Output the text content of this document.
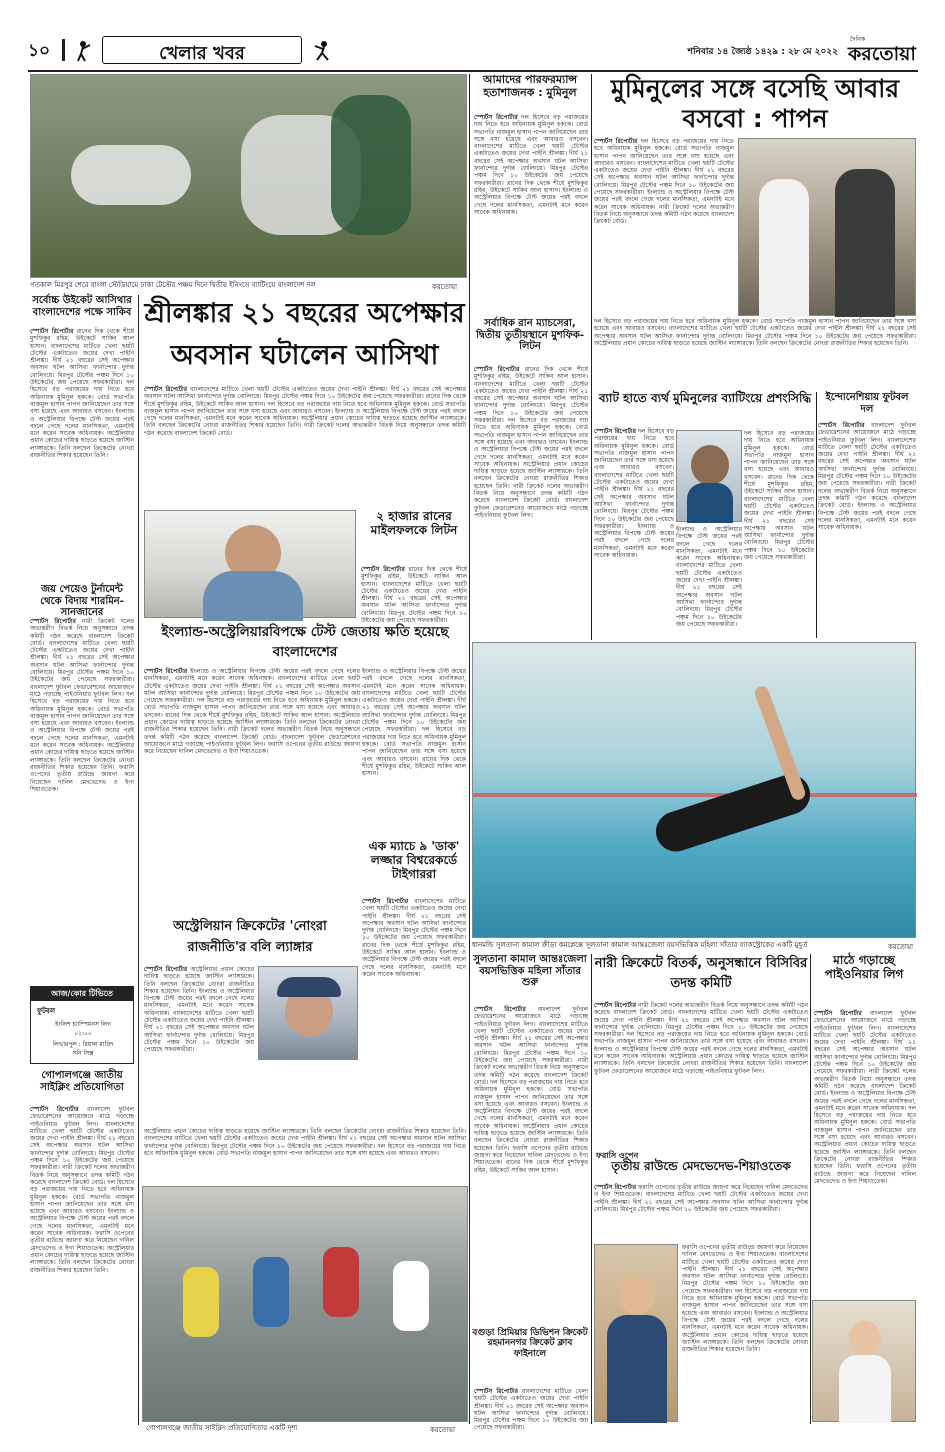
১০	খেলার খবর	শনিবার ১৪ জ্যৈষ্ঠ ১৪২৯ : ২৮ মে ২০২২
দৈনিক
করতোয়া
গতকাল মিরপুর শেরে বাংলা স্টেডিয়ামে ঢাকা টেস্টের পঞ্চম দিনে দ্বিতীয় ইনিংসে ব্যাটিংয়ে বাংলাদেশ দল	করতোয়া
আমাদের পারফরম্যান্স হতাশাজনক : মুমিনুল
স্পোর্টস রিপোর্টার দল হিসেবে বড় পরাজয়ের দায় নিতে হবে অধিনায়ক মুমিনুল হককে। বোর্ড সভাপতি নাজমুল হাসান পাপন জানিয়েছেন তার সঙ্গে বসা হয়েছে এবং আবারও বসবেন। বাংলাদেশের মাটিতে খেলা ছয়টি টেস্টের একটাতেও জয়ের দেখা পাইনি শ্রীলঙ্কা। দীর্ঘ ২১ বছরের সেই অপেক্ষার অবসান ঘটল আসিথা ফার্নান্দোর দুর্দান্ত বোলিংয়ে। মিরপুর টেস্টের পঞ্চম দিনে ১০ উইকেটের জয় পেয়েছে সফরকারীরা। রানের দিক থেকে শীর্ষে মুশফিকুর রহিম, উইকেটে সাকিব আল হাসান। ইংল্যান্ড ও অস্ট্রেলিয়ার বিপক্ষে টেস্ট জয়ের পরই বদলে গেছে দলের মানসিকতা, এমনটাই মনে করেন সাবেক অধিনায়ক।
মুমিনুলের সঙ্গে বসেছি আবার বসবো : পাপন
স্পোর্টস রিপোর্টার দল হিসেবে বড় পরাজয়ের দায় নিতে হবে অধিনায়ক মুমিনুল হককে। বোর্ড সভাপতি নাজমুল হাসান পাপন জানিয়েছেন তার সঙ্গে বসা হয়েছে এবং আবারও বসবেন। বাংলাদেশের মাটিতে খেলা ছয়টি টেস্টের একটাতেও জয়ের দেখা পাইনি শ্রীলঙ্কা। দীর্ঘ ২১ বছরের সেই অপেক্ষার অবসান ঘটল আসিথা ফার্নান্দোর দুর্দান্ত বোলিংয়ে। মিরপুর টেস্টের পঞ্চম দিনে ১০ উইকেটের জয় পেয়েছে সফরকারীরা। ইংল্যান্ড ও অস্ট্রেলিয়ার বিপক্ষে টেস্ট জয়ের পরই বদলে গেছে দলের মানসিকতা, এমনটাই মনে করেন সাবেক অধিনায়ক। নারী ক্রিকেট দলের অভ্যন্তরীণ বিতর্ক নিয়ে অনুসন্ধানে তদন্ত কমিটি গঠন করেছে বাংলাদেশ ক্রিকেট বোর্ড।
দল হিসেবে বড় পরাজয়ের দায় নিতে হবে অধিনায়ক মুমিনুল হককে। বোর্ড সভাপতি নাজমুল হাসান পাপন জানিয়েছেন তার সঙ্গে বসা হয়েছে এবং আবারও বসবেন। বাংলাদেশের মাটিতে খেলা ছয়টি টেস্টের একটাতেও জয়ের দেখা পাইনি শ্রীলঙ্কা। দীর্ঘ ২১ বছরের সেই অপেক্ষার অবসান ঘটল আসিথা ফার্নান্দোর দুর্দান্ত বোলিংয়ে। মিরপুর টেস্টের পঞ্চম দিনে ১০ উইকেটের জয় পেয়েছে সফরকারীরা। অস্ট্রেলিয়ার প্রধান কোচের দায়িত্ব ছাড়তে হয়েছে জাস্টিন ল্যাঙ্গারকে। তিনি বলছেন ক্রিকেটের নোংরা রাজনীতির শিকার হয়েছেন তিনি।
সর্বোচ্চ উইকেট আসিথার বাংলাদেশের পক্ষে সাকিব
স্পোর্টস রিপোর্টার রানের দিক থেকে শীর্ষে মুশফিকুর রহিম, উইকেটে সাকিব আল হাসান। বাংলাদেশের মাটিতে খেলা ছয়টি টেস্টের একটাতেও জয়ের দেখা পাইনি শ্রীলঙ্কা। দীর্ঘ ২১ বছরের সেই অপেক্ষার অবসান ঘটল আসিথা ফার্নান্দোর দুর্দান্ত বোলিংয়ে। মিরপুর টেস্টের পঞ্চম দিনে ১০ উইকেটের জয় পেয়েছে সফরকারীরা। দল হিসেবে বড় পরাজয়ের দায় নিতে হবে অধিনায়ক মুমিনুল হককে। বোর্ড সভাপতি নাজমুল হাসান পাপন জানিয়েছেন তার সঙ্গে বসা হয়েছে এবং আবারও বসবেন। ইংল্যান্ড ও অস্ট্রেলিয়ার বিপক্ষে টেস্ট জয়ের পরই বদলে গেছে দলের মানসিকতা, এমনটাই মনে করেন সাবেক অধিনায়ক। অস্ট্রেলিয়ার প্রধান কোচের দায়িত্ব ছাড়তে হয়েছে জাস্টিন ল্যাঙ্গারকে। তিনি বলছেন ক্রিকেটের নোংরা রাজনীতির শিকার হয়েছেন তিনি।
জয় পেয়েও টুর্নামেন্ট থেকে বিদায় শারমিন-সানজানের
স্পোর্টস রিপোর্টার নারী ক্রিকেট দলের অভ্যন্তরীণ বিতর্ক নিয়ে অনুসন্ধানে তদন্ত কমিটি গঠন করেছে বাংলাদেশ ক্রিকেট বোর্ড। বাংলাদেশের মাটিতে খেলা ছয়টি টেস্টের একটাতেও জয়ের দেখা পাইনি শ্রীলঙ্কা। দীর্ঘ ২১ বছরের সেই অপেক্ষার অবসান ঘটল আসিথা ফার্নান্দোর দুর্দান্ত বোলিংয়ে। মিরপুর টেস্টের পঞ্চম দিনে ১০ উইকেটের জয় পেয়েছে সফরকারীরা। বাংলাদেশ ফুটবল ফেডারেশনের আয়োজনে মাঠে গড়াচ্ছে পাইওনিয়ার ফুটবল লিগ। দল হিসেবে বড় পরাজয়ের দায় নিতে হবে অধিনায়ক মুমিনুল হককে। বোর্ড সভাপতি নাজমুল হাসান পাপন জানিয়েছেন তার সঙ্গে বসা হয়েছে এবং আবারও বসবেন। ইংল্যান্ড ও অস্ট্রেলিয়ার বিপক্ষে টেস্ট জয়ের পরই বদলে গেছে দলের মানসিকতা, এমনটাই মনে করেন সাবেক অধিনায়ক। অস্ট্রেলিয়ার প্রধান কোচের দায়িত্ব ছাড়তে হয়েছে জাস্টিন ল্যাঙ্গারকে। তিনি বলছেন ক্রিকেটের নোংরা রাজনীতির শিকার হয়েছেন তিনি। ফরাসি ওপেনের তৃতীয় রাউন্ডে জায়গা করে নিয়েছেন দানিল মেদভেদেভ ও ইগা শিয়াওতেক।
আজ/কোর টিভিতে
ফুটবল
ইংলিশ চ্যাম্পিয়নস লিগ
০১:০০
লিভারপুল : রিয়াল মাদ্রিদ
সনি সিক্স
গোপালগঞ্জে জাতীয় সাইক্লিং প্রতিযোগিতা
স্পোর্টস রিপোর্টার বাংলাদেশ ফুটবল ফেডারেশনের আয়োজনে মাঠে গড়াচ্ছে পাইওনিয়ার ফুটবল লিগ। বাংলাদেশের মাটিতে খেলা ছয়টি টেস্টের একটাতেও জয়ের দেখা পাইনি শ্রীলঙ্কা। দীর্ঘ ২১ বছরের সেই অপেক্ষার অবসান ঘটল আসিথা ফার্নান্দোর দুর্দান্ত বোলিংয়ে। মিরপুর টেস্টের পঞ্চম দিনে ১০ উইকেটের জয় পেয়েছে সফরকারীরা। নারী ক্রিকেট দলের অভ্যন্তরীণ বিতর্ক নিয়ে অনুসন্ধানে তদন্ত কমিটি গঠন করেছে বাংলাদেশ ক্রিকেট বোর্ড। দল হিসেবে বড় পরাজয়ের দায় নিতে হবে অধিনায়ক মুমিনুল হককে। বোর্ড সভাপতি নাজমুল হাসান পাপন জানিয়েছেন তার সঙ্গে বসা হয়েছে এবং আবারও বসবেন। ইংল্যান্ড ও অস্ট্রেলিয়ার বিপক্ষে টেস্ট জয়ের পরই বদলে গেছে দলের মানসিকতা, এমনটাই মনে করেন সাবেক অধিনায়ক। ফরাসি ওপেনের তৃতীয় রাউন্ডে জায়গা করে নিয়েছেন দানিল মেদভেদেভ ও ইগা শিয়াওতেক। অস্ট্রেলিয়ার প্রধান কোচের দায়িত্ব ছাড়তে হয়েছে জাস্টিন ল্যাঙ্গারকে। তিনি বলছেন ক্রিকেটের নোংরা রাজনীতির শিকার হয়েছেন তিনি।
শ্রীলঙ্কার ২১ বছরের অপেক্ষার অবসান ঘটালেন আসিথা
স্পোর্টস রিপোর্টার বাংলাদেশের মাটিতে খেলা ছয়টি টেস্টের একটাতেও জয়ের দেখা পাইনি শ্রীলঙ্কা। দীর্ঘ ২১ বছরের সেই অপেক্ষার অবসান ঘটল আসিথা ফার্নান্দোর দুর্দান্ত বোলিংয়ে। মিরপুর টেস্টের পঞ্চম দিনে ১০ উইকেটের জয় পেয়েছে সফরকারীরা। রানের দিক থেকে শীর্ষে মুশফিকুর রহিম, উইকেটে সাকিব আল হাসান। দল হিসেবে বড় পরাজয়ের দায় নিতে হবে অধিনায়ক মুমিনুল হককে। বোর্ড সভাপতি নাজমুল হাসান পাপন জানিয়েছেন তার সঙ্গে বসা হয়েছে এবং আবারও বসবেন। ইংল্যান্ড ও অস্ট্রেলিয়ার বিপক্ষে টেস্ট জয়ের পরই বদলে গেছে দলের মানসিকতা, এমনটাই মনে করেন সাবেক অধিনায়ক। অস্ট্রেলিয়ার প্রধান কোচের দায়িত্ব ছাড়তে হয়েছে জাস্টিন ল্যাঙ্গারকে। তিনি বলছেন ক্রিকেটের নোংরা রাজনীতির শিকার হয়েছেন তিনি। নারী ক্রিকেট দলের অভ্যন্তরীণ বিতর্ক নিয়ে অনুসন্ধানে তদন্ত কমিটি গঠন করেছে বাংলাদেশ ক্রিকেট বোর্ড।
২ হাজার রানের মাইলফলকে লিটন
স্পোর্টস রিপোর্টার রানের দিক থেকে শীর্ষে মুশফিকুর রহিম, উইকেটে সাকিব আল হাসান। বাংলাদেশের মাটিতে খেলা ছয়টি টেস্টের একটাতেও জয়ের দেখা পাইনি শ্রীলঙ্কা। দীর্ঘ ২১ বছরের সেই অপেক্ষার অবসান ঘটল আসিথা ফার্নান্দোর দুর্দান্ত বোলিংয়ে। মিরপুর টেস্টের পঞ্চম দিনে ১০ উইকেটের জয় পেয়েছে সফরকারীরা।
ইংল্যান্ড-অস্ট্রেলিয়ারবিপক্ষে টেস্ট জেতায় ক্ষতি হয়েছে বাংলাদেশের
স্পোর্টস রিপোর্টার ইংল্যান্ড ও অস্ট্রেলিয়ার বিপক্ষে টেস্ট জয়ের পরই বদলে গেছে দলের মানসিকতা, এমনটাই মনে করেন সাবেক অধিনায়ক। বাংলাদেশের মাটিতে খেলা ছয়টি টেস্টের একটাতেও জয়ের দেখা পাইনি শ্রীলঙ্কা। দীর্ঘ ২১ বছরের সেই অপেক্ষার অবসান ঘটল আসিথা ফার্নান্দোর দুর্দান্ত বোলিংয়ে। মিরপুর টেস্টের পঞ্চম দিনে ১০ উইকেটের জয় পেয়েছে সফরকারীরা। দল হিসেবে বড় পরাজয়ের দায় নিতে হবে অধিনায়ক মুমিনুল হককে। বোর্ড সভাপতি নাজমুল হাসান পাপন জানিয়েছেন তার সঙ্গে বসা হয়েছে এবং আবারও বসবেন। রানের দিক থেকে শীর্ষে মুশফিকুর রহিম, উইকেটে সাকিব আল হাসান। অস্ট্রেলিয়ার প্রধান কোচের দায়িত্ব ছাড়তে হয়েছে জাস্টিন ল্যাঙ্গারকে। তিনি বলছেন ক্রিকেটের নোংরা রাজনীতির শিকার হয়েছেন তিনি। নারী ক্রিকেট দলের অভ্যন্তরীণ বিতর্ক নিয়ে অনুসন্ধানে তদন্ত কমিটি গঠন করেছে বাংলাদেশ ক্রিকেট বোর্ড। বাংলাদেশ ফুটবল ফেডারেশনের আয়োজনে মাঠে গড়াচ্ছে পাইওনিয়ার ফুটবল লিগ। ফরাসি ওপেনের তৃতীয় রাউন্ডে জায়গা করে নিয়েছেন দানিল মেদভেদেভ ও ইগা শিয়াওতেক।
ইংল্যান্ড ও অস্ট্রেলিয়ার বিপক্ষে টেস্ট জয়ের পরই বদলে গেছে দলের মানসিকতা, এমনটাই মনে করেন সাবেক অধিনায়ক। বাংলাদেশের মাটিতে খেলা ছয়টি টেস্টের একটাতেও জয়ের দেখা পাইনি শ্রীলঙ্কা। দীর্ঘ ২১ বছরের সেই অপেক্ষার অবসান ঘটল আসিথা ফার্নান্দোর দুর্দান্ত বোলিংয়ে। মিরপুর টেস্টের পঞ্চম দিনে ১০ উইকেটের জয় পেয়েছে সফরকারীরা। দল হিসেবে বড় পরাজয়ের দায় নিতে হবে অধিনায়ক মুমিনুল হককে। বোর্ড সভাপতি নাজমুল হাসান পাপন জানিয়েছেন তার সঙ্গে বসা হয়েছে এবং আবারও বসবেন। রানের দিক থেকে শীর্ষে মুশফিকুর রহিম, উইকেটে সাকিব আল হাসান।
এক ম্যাচে ৯ 'ডাক' লজ্জার বিশ্বরেকর্ডে টাইগাররা
স্পোর্টস রিপোর্টার বাংলাদেশের মাটিতে খেলা ছয়টি টেস্টের একটাতেও জয়ের দেখা পাইনি শ্রীলঙ্কা। দীর্ঘ ২১ বছরের সেই অপেক্ষার অবসান ঘটল আসিথা ফার্নান্দোর দুর্দান্ত বোলিংয়ে। মিরপুর টেস্টের পঞ্চম দিনে ১০ উইকেটের জয় পেয়েছে সফরকারীরা। রানের দিক থেকে শীর্ষে মুশফিকুর রহিম, উইকেটে সাকিব আল হাসান। ইংল্যান্ড ও অস্ট্রেলিয়ার বিপক্ষে টেস্ট জয়ের পরই বদলে গেছে দলের মানসিকতা, এমনটাই মনে করেন সাবেক অধিনায়ক।
অস্ট্রেলিয়ান ক্রিকেটের 'নোংরা রাজনীতি'র বলি ল্যাঙ্গার
স্পোর্টস রিপোর্টার অস্ট্রেলিয়ার প্রধান কোচের দায়িত্ব ছাড়তে হয়েছে জাস্টিন ল্যাঙ্গারকে। তিনি বলছেন ক্রিকেটের নোংরা রাজনীতির শিকার হয়েছেন তিনি। ইংল্যান্ড ও অস্ট্রেলিয়ার বিপক্ষে টেস্ট জয়ের পরই বদলে গেছে দলের মানসিকতা, এমনটাই মনে করেন সাবেক অধিনায়ক। বাংলাদেশের মাটিতে খেলা ছয়টি টেস্টের একটাতেও জয়ের দেখা পাইনি শ্রীলঙ্কা। দীর্ঘ ২১ বছরের সেই অপেক্ষার অবসান ঘটল আসিথা ফার্নান্দোর দুর্দান্ত বোলিংয়ে। মিরপুর টেস্টের পঞ্চম দিনে ১০ উইকেটের জয় পেয়েছে সফরকারীরা।
অস্ট্রেলিয়ার প্রধান কোচের দায়িত্ব ছাড়তে হয়েছে জাস্টিন ল্যাঙ্গারকে। তিনি বলছেন ক্রিকেটের নোংরা রাজনীতির শিকার হয়েছেন তিনি। বাংলাদেশের মাটিতে খেলা ছয়টি টেস্টের একটাতেও জয়ের দেখা পাইনি শ্রীলঙ্কা। দীর্ঘ ২১ বছরের সেই অপেক্ষার অবসান ঘটল আসিথা ফার্নান্দোর দুর্দান্ত বোলিংয়ে। মিরপুর টেস্টের পঞ্চম দিনে ১০ উইকেটের জয় পেয়েছে সফরকারীরা। দল হিসেবে বড় পরাজয়ের দায় নিতে হবে অধিনায়ক মুমিনুল হককে। বোর্ড সভাপতি নাজমুল হাসান পাপন জানিয়েছেন তার সঙ্গে বসা হয়েছে এবং আবারও বসবেন।
গোপালগঞ্জে জাতীয় সাইক্লিং প্রতিযোগিতার একটি দৃশ্য	করতোয়া
সর্বাধিক রান ম্যাচসেরা, দ্বিতীয় তুর্তীয়স্থানে মুশফিক-লিটন
স্পোর্টস রিপোর্টার রানের দিক থেকে শীর্ষে মুশফিকুর রহিম, উইকেটে সাকিব আল হাসান। বাংলাদেশের মাটিতে খেলা ছয়টি টেস্টের একটাতেও জয়ের দেখা পাইনি শ্রীলঙ্কা। দীর্ঘ ২১ বছরের সেই অপেক্ষার অবসান ঘটল আসিথা ফার্নান্দোর দুর্দান্ত বোলিংয়ে। মিরপুর টেস্টের পঞ্চম দিনে ১০ উইকেটের জয় পেয়েছে সফরকারীরা। দল হিসেবে বড় পরাজয়ের দায় নিতে হবে অধিনায়ক মুমিনুল হককে। বোর্ড সভাপতি নাজমুল হাসান পাপন জানিয়েছেন তার সঙ্গে বসা হয়েছে এবং আবারও বসবেন। ইংল্যান্ড ও অস্ট্রেলিয়ার বিপক্ষে টেস্ট জয়ের পরই বদলে গেছে দলের মানসিকতা, এমনটাই মনে করেন সাবেক অধিনায়ক। অস্ট্রেলিয়ার প্রধান কোচের দায়িত্ব ছাড়তে হয়েছে জাস্টিন ল্যাঙ্গারকে। তিনি বলছেন ক্রিকেটের নোংরা রাজনীতির শিকার হয়েছেন তিনি। নারী ক্রিকেট দলের অভ্যন্তরীণ বিতর্ক নিয়ে অনুসন্ধানে তদন্ত কমিটি গঠন করেছে বাংলাদেশ ক্রিকেট বোর্ড। বাংলাদেশ ফুটবল ফেডারেশনের আয়োজনে মাঠে গড়াচ্ছে পাইওনিয়ার ফুটবল লিগ।
ব্যাট হাতে ব্যর্থ মুমিনুলের ব্যাটিংয়ে প্রশংসিদ্ধি
স্পোর্টস রিপোর্টার দল হিসেবে বড় পরাজয়ের দায় নিতে হবে অধিনায়ক মুমিনুল হককে। বোর্ড সভাপতি নাজমুল হাসান পাপন জানিয়েছেন তার সঙ্গে বসা হয়েছে এবং আবারও বসবেন। বাংলাদেশের মাটিতে খেলা ছয়টি টেস্টের একটাতেও জয়ের দেখা পাইনি শ্রীলঙ্কা। দীর্ঘ ২১ বছরের সেই অপেক্ষার অবসান ঘটল আসিথা ফার্নান্দোর দুর্দান্ত বোলিংয়ে। মিরপুর টেস্টের পঞ্চম দিনে ১০ উইকেটের জয় পেয়েছে সফরকারীরা। ইংল্যান্ড ও অস্ট্রেলিয়ার বিপক্ষে টেস্ট জয়ের পরই বদলে গেছে দলের মানসিকতা, এমনটাই মনে করেন সাবেক অধিনায়ক।
দল হিসেবে বড় পরাজয়ের দায় নিতে হবে অধিনায়ক মুমিনুল হককে। বোর্ড সভাপতি নাজমুল হাসান পাপন জানিয়েছেন তার সঙ্গে বসা হয়েছে এবং আবারও বসবেন। রানের দিক থেকে শীর্ষে মুশফিকুর রহিম, উইকেটে সাকিব আল হাসান। বাংলাদেশের মাটিতে খেলা ছয়টি টেস্টের একটাতেও জয়ের দেখা পাইনি শ্রীলঙ্কা। দীর্ঘ ২১ বছরের সেই অপেক্ষার অবসান ঘটল আসিথা ফার্নান্দোর দুর্দান্ত বোলিংয়ে। মিরপুর টেস্টের পঞ্চম দিনে ১০ উইকেটের জয় পেয়েছে সফরকারীরা।
ইংল্যান্ড ও অস্ট্রেলিয়ার বিপক্ষে টেস্ট জয়ের পরই বদলে গেছে দলের মানসিকতা, এমনটাই মনে করেন সাবেক অধিনায়ক। বাংলাদেশের মাটিতে খেলা ছয়টি টেস্টের একটাতেও জয়ের দেখা পাইনি শ্রীলঙ্কা। দীর্ঘ ২১ বছরের সেই অপেক্ষার অবসান ঘটল আসিথা ফার্নান্দোর দুর্দান্ত বোলিংয়ে। মিরপুর টেস্টের পঞ্চম দিনে ১০ উইকেটের জয় পেয়েছে সফরকারীরা।
ইন্দোনেশিয়ায় ফুটবল দল
স্পোর্টস রিপোর্টার বাংলাদেশ ফুটবল ফেডারেশনের আয়োজনে মাঠে গড়াচ্ছে পাইওনিয়ার ফুটবল লিগ। বাংলাদেশের মাটিতে খেলা ছয়টি টেস্টের একটাতেও জয়ের দেখা পাইনি শ্রীলঙ্কা। দীর্ঘ ২১ বছরের সেই অপেক্ষার অবসান ঘটল আসিথা ফার্নান্দোর দুর্দান্ত বোলিংয়ে। মিরপুর টেস্টের পঞ্চম দিনে ১০ উইকেটের জয় পেয়েছে সফরকারীরা। নারী ক্রিকেট দলের অভ্যন্তরীণ বিতর্ক নিয়ে অনুসন্ধানে তদন্ত কমিটি গঠন করেছে বাংলাদেশ ক্রিকেট বোর্ড। ইংল্যান্ড ও অস্ট্রেলিয়ার বিপক্ষে টেস্ট জয়ের পরই বদলে গেছে দলের মানসিকতা, এমনটাই মনে করেন সাবেক অধিনায়ক।
ধানমন্ডি সুলতানা কামাল ক্রীড়া কমপ্লেক্সে সুলতানা কামাল আন্তঃজেলা বয়সভিত্তিক মহিলা সাঁতার ব্যাকস্ট্রোকের একটি মুহূর্ত	করতোয়া
সুলতানা কামাল আন্তঃজেলা বয়সভিত্তিক মহিলা সাঁতার শুরু
স্পোর্টস রিপোর্টার বাংলাদেশ ফুটবল ফেডারেশনের আয়োজনে মাঠে গড়াচ্ছে পাইওনিয়ার ফুটবল লিগ। বাংলাদেশের মাটিতে খেলা ছয়টি টেস্টের একটাতেও জয়ের দেখা পাইনি শ্রীলঙ্কা। দীর্ঘ ২১ বছরের সেই অপেক্ষার অবসান ঘটল আসিথা ফার্নান্দোর দুর্দান্ত বোলিংয়ে। মিরপুর টেস্টের পঞ্চম দিনে ১০ উইকেটের জয় পেয়েছে সফরকারীরা। নারী ক্রিকেট দলের অভ্যন্তরীণ বিতর্ক নিয়ে অনুসন্ধানে তদন্ত কমিটি গঠন করেছে বাংলাদেশ ক্রিকেট বোর্ড। দল হিসেবে বড় পরাজয়ের দায় নিতে হবে অধিনায়ক মুমিনুল হককে। বোর্ড সভাপতি নাজমুল হাসান পাপন জানিয়েছেন তার সঙ্গে বসা হয়েছে এবং আবারও বসবেন। ইংল্যান্ড ও অস্ট্রেলিয়ার বিপক্ষে টেস্ট জয়ের পরই বদলে গেছে দলের মানসিকতা, এমনটাই মনে করেন সাবেক অধিনায়ক। অস্ট্রেলিয়ার প্রধান কোচের দায়িত্ব ছাড়তে হয়েছে জাস্টিন ল্যাঙ্গারকে। তিনি বলছেন ক্রিকেটের নোংরা রাজনীতির শিকার হয়েছেন তিনি। ফরাসি ওপেনের তৃতীয় রাউন্ডে জায়গা করে নিয়েছেন দানিল মেদভেদেভ ও ইগা শিয়াওতেক। রানের দিক থেকে শীর্ষে মুশফিকুর রহিম, উইকেটে সাকিব আল হাসান।
বগুড়া প্রিমিয়ার ডিভিশন ক্রিকেট রহমাননগর ক্রিকেট ক্লাব ফাইনালে
স্পোর্টস রিপোর্টার বাংলাদেশের মাটিতে খেলা ছয়টি টেস্টের একটাতেও জয়ের দেখা পাইনি শ্রীলঙ্কা। দীর্ঘ ২১ বছরের সেই অপেক্ষার অবসান ঘটল আসিথা ফার্নান্দোর দুর্দান্ত বোলিংয়ে। মিরপুর টেস্টের পঞ্চম দিনে ১০ উইকেটের জয় পেয়েছে সফরকারীরা।
নারী ক্রিকেটে বিতর্ক, অনুসন্ধানে বিসিবির তদন্ত কমিটি
স্পোর্টস রিপোর্টার নারী ক্রিকেট দলের অভ্যন্তরীণ বিতর্ক নিয়ে অনুসন্ধানে তদন্ত কমিটি গঠন করেছে বাংলাদেশ ক্রিকেট বোর্ড। বাংলাদেশের মাটিতে খেলা ছয়টি টেস্টের একটাতেও জয়ের দেখা পাইনি শ্রীলঙ্কা। দীর্ঘ ২১ বছরের সেই অপেক্ষার অবসান ঘটল আসিথা ফার্নান্দোর দুর্দান্ত বোলিংয়ে। মিরপুর টেস্টের পঞ্চম দিনে ১০ উইকেটের জয় পেয়েছে সফরকারীরা। দল হিসেবে বড় পরাজয়ের দায় নিতে হবে অধিনায়ক মুমিনুল হককে। বোর্ড সভাপতি নাজমুল হাসান পাপন জানিয়েছেন তার সঙ্গে বসা হয়েছে এবং আবারও বসবেন। ইংল্যান্ড ও অস্ট্রেলিয়ার বিপক্ষে টেস্ট জয়ের পরই বদলে গেছে দলের মানসিকতা, এমনটাই মনে করেন সাবেক অধিনায়ক। অস্ট্রেলিয়ার প্রধান কোচের দায়িত্ব ছাড়তে হয়েছে জাস্টিন ল্যাঙ্গারকে। তিনি বলছেন ক্রিকেটের নোংরা রাজনীতির শিকার হয়েছেন তিনি। বাংলাদেশ ফুটবল ফেডারেশনের আয়োজনে মাঠে গড়াচ্ছে পাইওনিয়ার ফুটবল লিগ।
ফরাসি ওপেন
তৃতীয় রাউন্ডে মেদভেদেভ-শিয়াওতেক
স্পোর্টস রিপোর্টার ফরাসি ওপেনের তৃতীয় রাউন্ডে জায়গা করে নিয়েছেন দানিল মেদভেদেভ ও ইগা শিয়াওতেক। বাংলাদেশের মাটিতে খেলা ছয়টি টেস্টের একটাতেও জয়ের দেখা পাইনি শ্রীলঙ্কা। দীর্ঘ ২১ বছরের সেই অপেক্ষার অবসান ঘটল আসিথা ফার্নান্দোর দুর্দান্ত বোলিংয়ে। মিরপুর টেস্টের পঞ্চম দিনে ১০ উইকেটের জয় পেয়েছে সফরকারীরা।
ফরাসি ওপেনের তৃতীয় রাউন্ডে জায়গা করে নিয়েছেন দানিল মেদভেদেভ ও ইগা শিয়াওতেক। বাংলাদেশের মাটিতে খেলা ছয়টি টেস্টের একটাতেও জয়ের দেখা পাইনি শ্রীলঙ্কা। দীর্ঘ ২১ বছরের সেই অপেক্ষার অবসান ঘটল আসিথা ফার্নান্দোর দুর্দান্ত বোলিংয়ে। মিরপুর টেস্টের পঞ্চম দিনে ১০ উইকেটের জয় পেয়েছে সফরকারীরা। দল হিসেবে বড় পরাজয়ের দায় নিতে হবে অধিনায়ক মুমিনুল হককে। বোর্ড সভাপতি নাজমুল হাসান পাপন জানিয়েছেন তার সঙ্গে বসা হয়েছে এবং আবারও বসবেন। ইংল্যান্ড ও অস্ট্রেলিয়ার বিপক্ষে টেস্ট জয়ের পরই বদলে গেছে দলের মানসিকতা, এমনটাই মনে করেন সাবেক অধিনায়ক। অস্ট্রেলিয়ার প্রধান কোচের দায়িত্ব ছাড়তে হয়েছে জাস্টিন ল্যাঙ্গারকে। তিনি বলছেন ক্রিকেটের নোংরা রাজনীতির শিকার হয়েছেন তিনি।
মাঠে গড়াচ্ছে পাইওনিয়ার লিগ
স্পোর্টস রিপোর্টার বাংলাদেশ ফুটবল ফেডারেশনের আয়োজনে মাঠে গড়াচ্ছে পাইওনিয়ার ফুটবল লিগ। বাংলাদেশের মাটিতে খেলা ছয়টি টেস্টের একটাতেও জয়ের দেখা পাইনি শ্রীলঙ্কা। দীর্ঘ ২১ বছরের সেই অপেক্ষার অবসান ঘটল আসিথা ফার্নান্দোর দুর্দান্ত বোলিংয়ে। মিরপুর টেস্টের পঞ্চম দিনে ১০ উইকেটের জয় পেয়েছে সফরকারীরা। নারী ক্রিকেট দলের অভ্যন্তরীণ বিতর্ক নিয়ে অনুসন্ধানে তদন্ত কমিটি গঠন করেছে বাংলাদেশ ক্রিকেট বোর্ড। ইংল্যান্ড ও অস্ট্রেলিয়ার বিপক্ষে টেস্ট জয়ের পরই বদলে গেছে দলের মানসিকতা, এমনটাই মনে করেন সাবেক অধিনায়ক। দল হিসেবে বড় পরাজয়ের দায় নিতে হবে অধিনায়ক মুমিনুল হককে। বোর্ড সভাপতি নাজমুল হাসান পাপন জানিয়েছেন তার সঙ্গে বসা হয়েছে এবং আবারও বসবেন। অস্ট্রেলিয়ার প্রধান কোচের দায়িত্ব ছাড়তে হয়েছে জাস্টিন ল্যাঙ্গারকে। তিনি বলছেন ক্রিকেটের নোংরা রাজনীতির শিকার হয়েছেন তিনি। ফরাসি ওপেনের তৃতীয় রাউন্ডে জায়গা করে নিয়েছেন দানিল মেদভেদেভ ও ইগা শিয়াওতেক।
